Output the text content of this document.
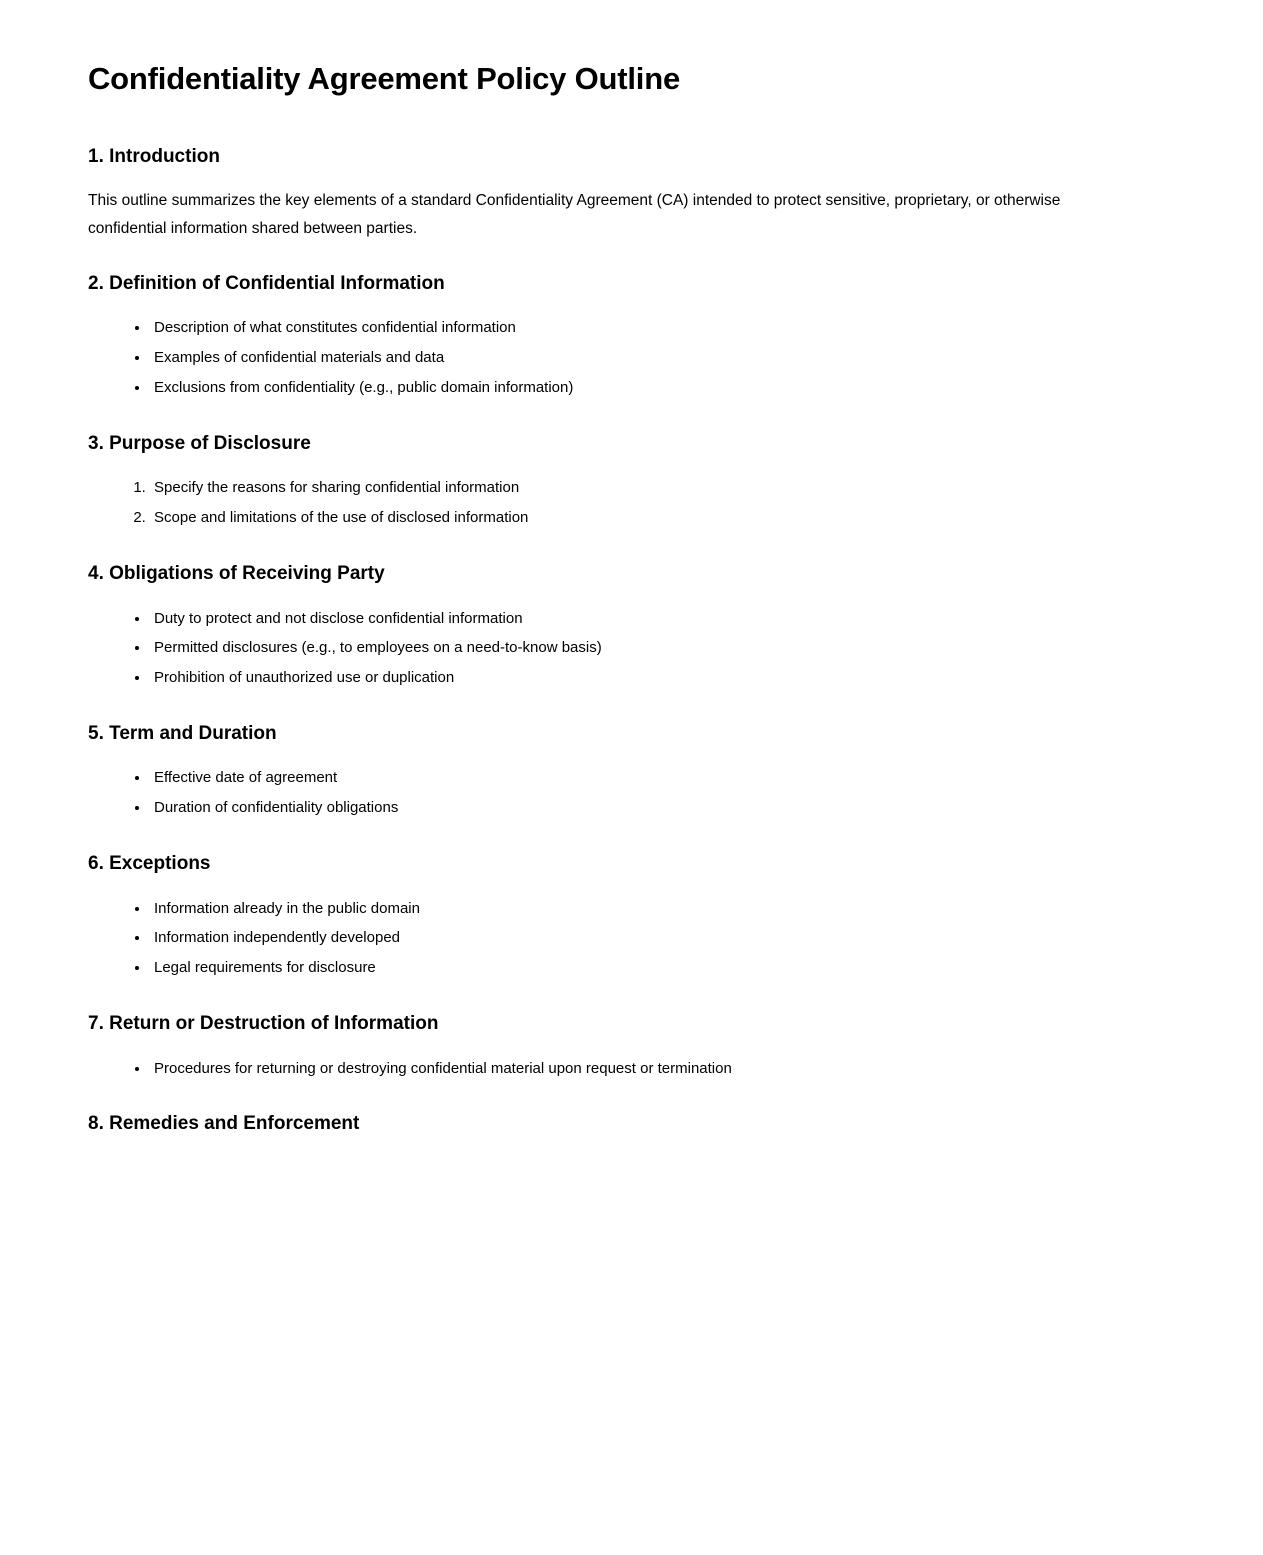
Confidentiality Agreement Policy Outline
1. Introduction

This outline summarizes the key elements of a standard Confidentiality Agreement (CA) intended to protect sensitive, proprietary, or otherwise confidential information shared between parties.

2. Definition of Confidential Information
• Description of what constitutes confidential information
• Examples of confidential materials and data
• Exclusions from confidentiality (e.g., public domain information)
3. Purpose of Disclosure
1. Specify the reasons for sharing confidential information
2. Scope and limitations of the use of disclosed information
4. Obligations of Receiving Party
• Duty to protect and not disclose confidential information
• Permitted disclosures (e.g., to employees on a need-to-know basis)
• Prohibition of unauthorized use or duplication
5. Term and Duration
• Effective date of agreement
• Duration of confidentiality obligations
6. Exceptions
• Information already in the public domain
• Information independently developed
• Legal requirements for disclosure
7. Return or Destruction of Information
• Procedures for returning or destroying confidential material upon request or termination
8. Remedies and Enforcement
